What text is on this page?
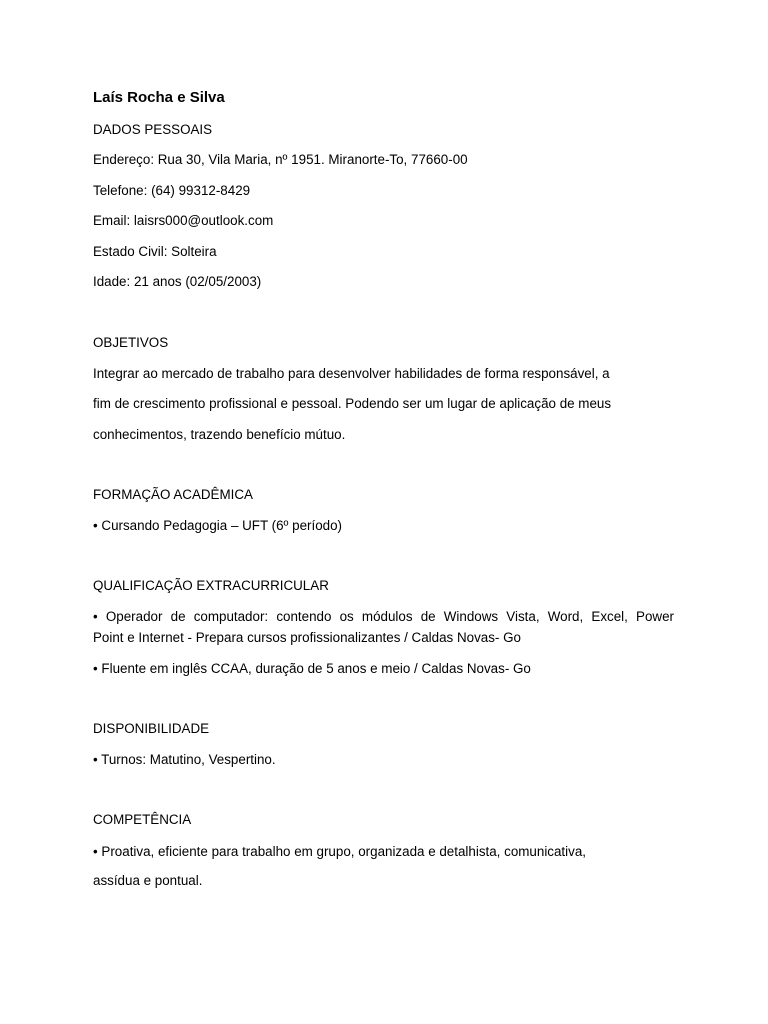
Laís Rocha e Silva
DADOS PESSOAIS
Endereço: Rua 30, Vila Maria, nº 1951. Miranorte-To, 77660-00
Telefone: (64) 99312-8429
Email: laisrs000@outlook.com
Estado Civil: Solteira
Idade: 21 anos (02/05/2003)
OBJETIVOS
Integrar ao mercado de trabalho para desenvolver habilidades de forma responsável, a
fim de crescimento profissional e pessoal. Podendo ser um lugar de aplicação de meus
conhecimentos, trazendo benefício mútuo.
FORMAÇÃO ACADÊMICA
• Cursando Pedagogia – UFT (6º período)
QUALIFICAÇÃO EXTRACURRICULAR
• Operador de computador: contendo os módulos de Windows Vista, Word, Excel, Power
Point e Internet - Prepara cursos profissionalizantes / Caldas Novas- Go
• Fluente em inglês CCAA, duração de 5 anos e meio / Caldas Novas- Go
DISPONIBILIDADE
• Turnos: Matutino, Vespertino.
COMPETÊNCIA
• Proativa, eficiente para trabalho em grupo, organizada e detalhista, comunicativa,
assídua e pontual.
